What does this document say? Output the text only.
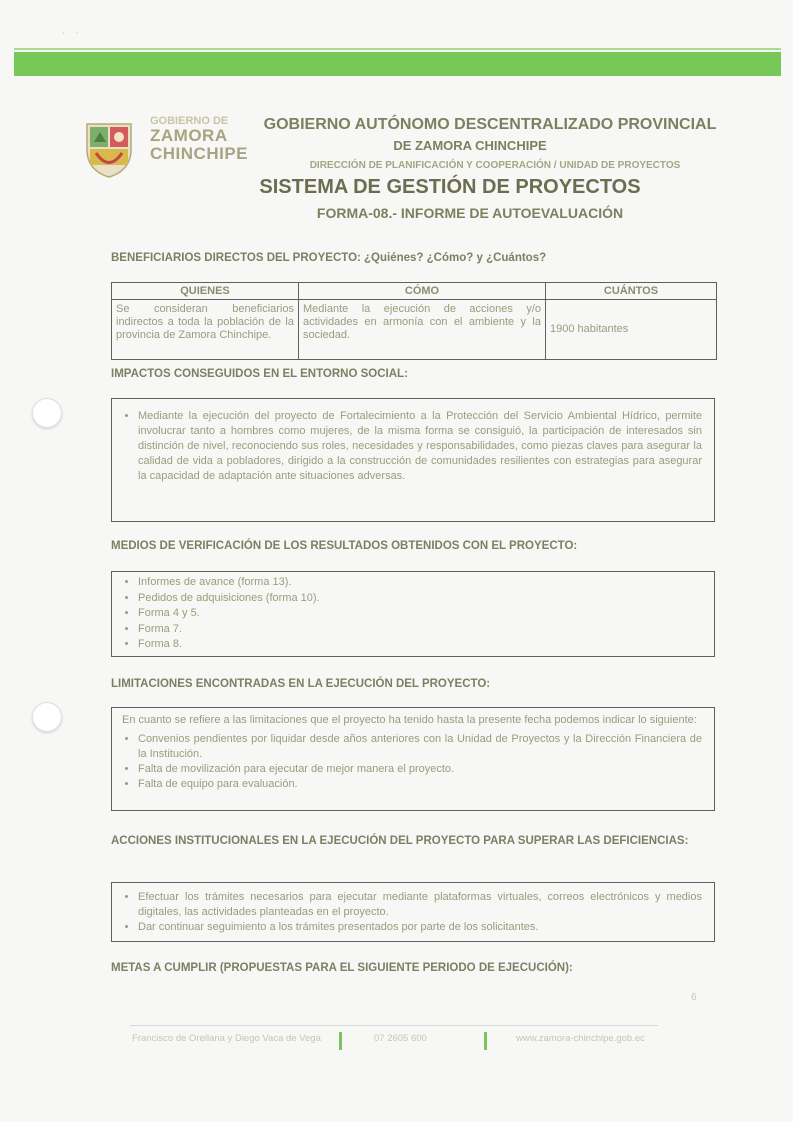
· ·
GOBIERNO DE
ZAMORA
CHINCHIPE
GOBIERNO AUTÓNOMO DESCENTRALIZADO PROVINCIAL
DE ZAMORA CHINCHIPE
DIRECCIÓN DE PLANIFICACIÓN Y COOPERACIÓN / UNIDAD DE PROYECTOS
SISTEMA DE GESTIÓN DE PROYECTOS
FORMA-08.- INFORME DE AUTOEVALUACIÓN
BENEFICIARIOS DIRECTOS DEL PROYECTO: ¿Quiénes? ¿Cómo? y ¿Cuántos?
QUIENES	CÓMO	CUÁNTOS
Se consideran beneficiarios indirectos a toda la población de la provincia de Zamora Chinchipe.	Mediante la ejecución de acciones y/o actividades en armonía con el ambiente y la sociedad.	1900 habitantes
IMPACTOS CONSEGUIDOS EN EL ENTORNO SOCIAL:
• Mediante la ejecución del proyecto de Fortalecimiento a la Protección del Servicio Ambiental Hídrico, permite involucrar tanto a hombres como mujeres, de la misma forma se consiguió, la participación de interesados sin distinción de nivel, reconociendo sus roles, necesidades y responsabilidades, como piezas claves para asegurar la calidad de vida a pobladores, dirigido a la construcción de comunidades resilientes con estrategias para asegurar la capacidad de adaptación ante situaciones adversas.
MEDIOS DE VERIFICACIÓN DE LOS RESULTADOS OBTENIDOS CON EL PROYECTO:
• Informes de avance (forma 13).
• Pedidos de adquisiciones (forma 10).
• Forma 4 y 5.
• Forma 7.
• Forma 8.
LIMITACIONES ENCONTRADAS EN LA EJECUCIÓN DEL PROYECTO:

En cuanto se refiere a las limitaciones que el proyecto ha tenido hasta la presente fecha podemos indicar lo siguiente:

• Convenios pendientes por liquidar desde años anteriores con la Unidad de Proyectos y la Dirección Financiera de la Institución.
• Falta de movilización para ejecutar de mejor manera el proyecto.
• Falta de equipo para evaluación.
ACCIONES INSTITUCIONALES EN LA EJECUCIÓN DEL PROYECTO PARA SUPERAR LAS DEFICIENCIAS:
• Efectuar los trámites necesarios para ejecutar mediante plataformas virtuales, correos electrónicos y medios digitales, las actividades planteadas en el proyecto.
• Dar continuar seguimiento a los trámites presentados por parte de los solicitantes.
METAS A CUMPLIR (PROPUESTAS PARA EL SIGUIENTE PERIODO DE EJECUCIÓN):
6
Francisco de Orellana y Diego Vaca de Vega	07 2605 600	www.zamora-chinchipe.gob.ec
